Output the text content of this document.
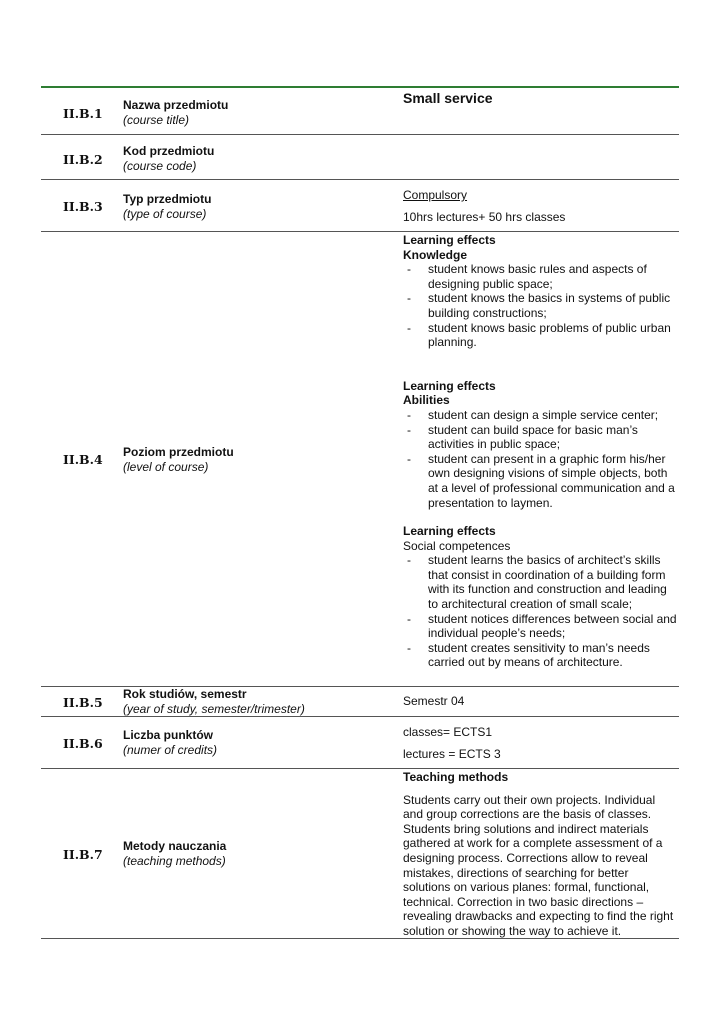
II.B.1
Nazwa przedmiotu
(course title)
Small service
II.B.2
Kod przedmiotu
(course code)
II.B.3 Typ przedmiotu
(type of course)
Compulsory
10hrs lectures+ 50 hrs classes
II.B.4 Poziom przedmiotu
(level of course)
Learning effects
Knowledge
- student knows basic rules and aspects of designing public space;
- student knows the basics in systems of public building constructions;
- student knows basic problems of public urban planning.
Learning effects
Abilities
- student can design a simple service center;
- student can build space for basic man’s activities in public space;
- student can present in a graphic form his/her own designing visions of simple objects, both at a level of professional communication and a presentation to laymen.
Learning effects
Social competences
- student learns the basics of architect’s skills that consist in coordination of a building form with its function and construction and leading to architectural creation of small scale;
- student notices differences between social and individual people’s needs;
- student creates sensitivity to man’s needs carried out by means of architecture.
II.B.5
Rok studiów, semestr
(year of study, semester/trimester)
Semestr 04
II.B.6
Liczba punktów
(numer of credits)
classes= ECTS1
lectures = ECTS 3
II.B.7
Metody nauczania
(teaching methods)
Teaching methods
Students carry out their own projects. Individual and group corrections are the basis of classes. Students bring solutions and indirect materials gathered at work for a complete assessment of a designing process. Corrections allow to reveal mistakes, directions of searching for better solutions on various planes: formal, functional, technical. Correction in two basic directions – revealing drawbacks and expecting to find the right solution or showing the way to achieve it.
